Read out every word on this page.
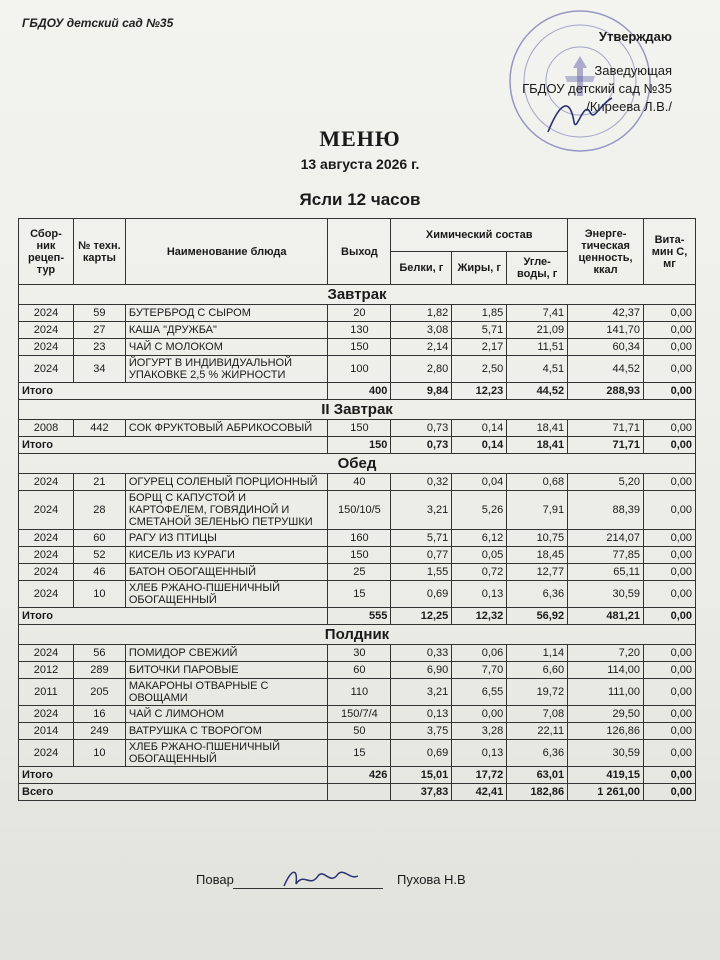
ГБДОУ детский сад №35
Утверждаю
Заведующая
ГБДОУ детский сад №35
/Киреева Л.В./
МЕНЮ
13 августа 2026 г.
Ясли 12 часов
Сбор-ник рецеп-тур	№ техн. карты	Наименование блюда	Выход	Химический состав			Энерге-тическая ценность, ккал	Вита-мин С, мг
				Белки, г	Жиры, г	Угле-воды, г		
Завтрак								
2024	59	БУТЕРБРОД С СЫРОМ	20	1,82	1,85	7,41	42,37	0,00
2024	27	КАША "ДРУЖБА"	130	3,08	5,71	21,09	141,70	0,00
2024	23	ЧАЙ С МОЛОКОМ	150	2,14	2,17	11,51	60,34	0,00
2024	34	ЙОГУРТ В ИНДИВИДУАЛЬНОЙ УПАКОВКЕ 2,5 % ЖИРНОСТИ	100	2,80	2,50	4,51	44,52	0,00
Итого			400	9,84	12,23	44,52	288,93	0,00
II Завтрак								
2008	442	СОК ФРУКТОВЫЙ АБРИКОСОВЫЙ	150	0,73	0,14	18,41	71,71	0,00
Итого			150	0,73	0,14	18,41	71,71	0,00
Обед								
2024	21	ОГУРЕЦ СОЛЕНЫЙ ПОРЦИОННЫЙ	40	0,32	0,04	0,68	5,20	0,00
2024	28	БОРЩ С КАПУСТОЙ И КАРТОФЕЛЕМ, ГОВЯДИНОЙ И СМЕТАНОЙ ЗЕЛЕНЬЮ ПЕТРУШКИ	150/10/5	3,21	5,26	7,91	88,39	0,00
2024	60	РАГУ ИЗ ПТИЦЫ	160	5,71	6,12	10,75	214,07	0,00
2024	52	КИСЕЛЬ ИЗ КУРАГИ	150	0,77	0,05	18,45	77,85	0,00
2024	46	БАТОН ОБОГАЩЕННЫЙ	25	1,55	0,72	12,77	65,11	0,00
2024	10	ХЛЕБ РЖАНО-ПШЕНИЧНЫЙ ОБОГАЩЕННЫЙ	15	0,69	0,13	6,36	30,59	0,00
Итого			555	12,25	12,32	56,92	481,21	0,00
Полдник								
2024	56	ПОМИДОР СВЕЖИЙ	30	0,33	0,06	1,14	7,20	0,00
2012	289	БИТОЧКИ ПАРОВЫЕ	60	6,90	7,70	6,60	114,00	0,00
2011	205	МАКАРОНЫ ОТВАРНЫЕ С ОВОЩАМИ	110	3,21	6,55	19,72	111,00	0,00
2024	16	ЧАЙ С ЛИМОНОМ	150/7/4	0,13	0,00	7,08	29,50	0,00
2014	249	ВАТРУШКА С ТВОРОГОМ	50	3,75	3,28	22,11	126,86	0,00
2024	10	ХЛЕБ РЖАНО-ПШЕНИЧНЫЙ ОБОГАЩЕННЫЙ	15	0,69	0,13	6,36	30,59	0,00
Итого			426	15,01	17,72	63,01	419,15	0,00
Всего				37,83	42,41	182,86	1 261,00	0,00
Повар	Пухова Н.В
